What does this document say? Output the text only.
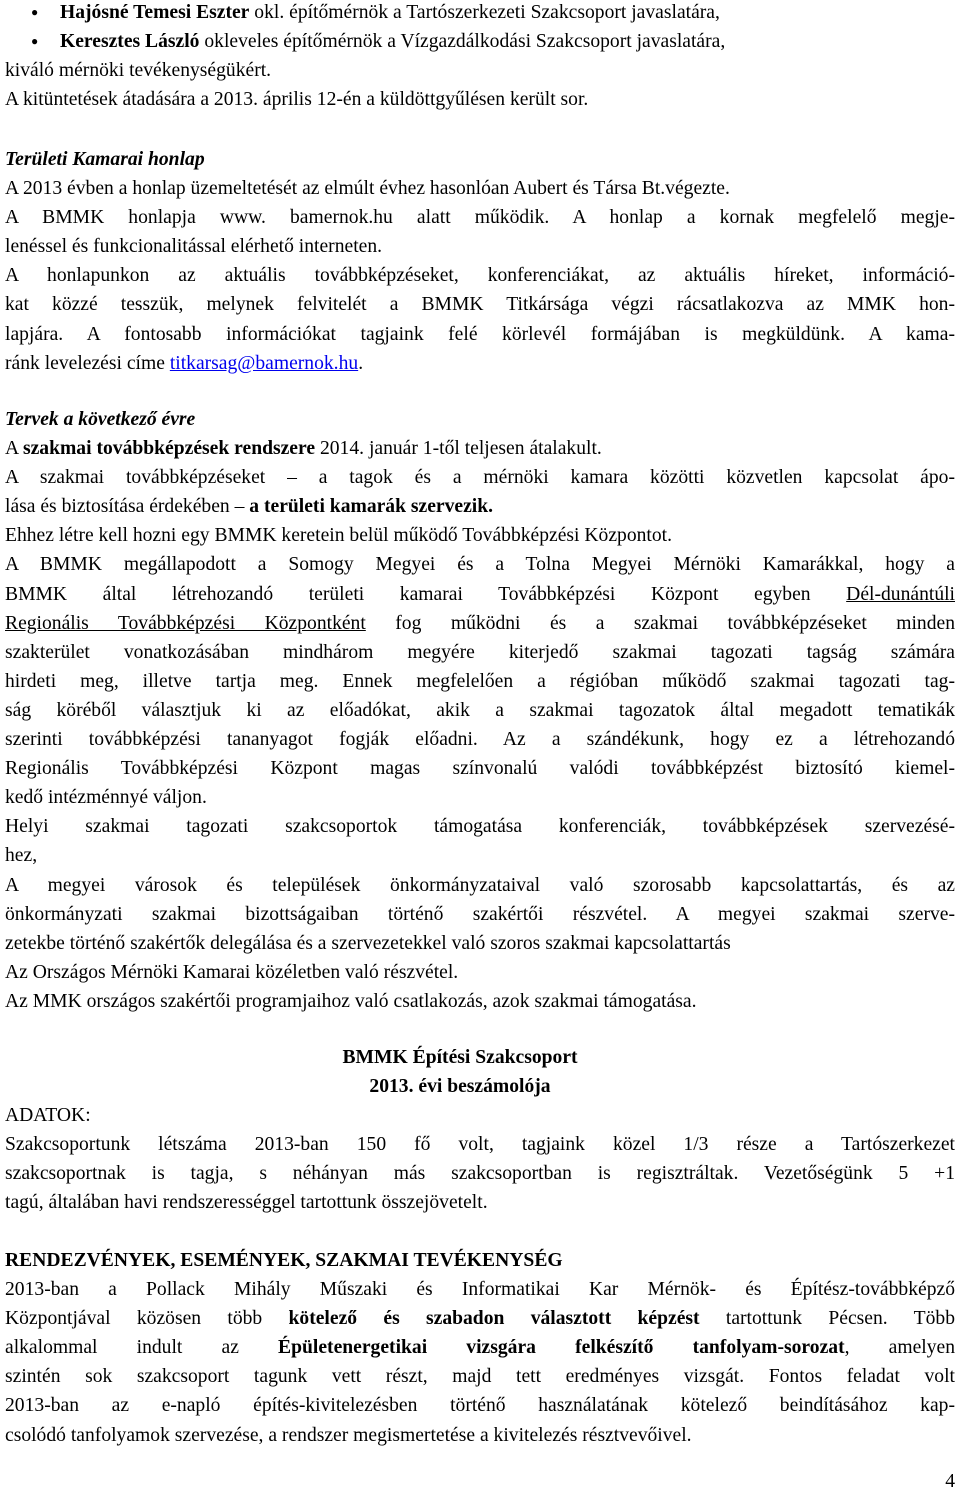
● Hajósné Temesi Eszter okl. építőmérnök a Tartószerkezeti Szakcsoport javaslatára,
● Keresztes László okleveles építőmérnök a Vízgazdálkodási Szakcsoport javaslatára,
kiváló mérnöki tevékenységükért.
A kitüntetések átadására a 2013. április 12-én a küldöttgyűlésen került sor.
Területi Kamarai honlap
A 2013 évben a honlap üzemeltetését az elmúlt évhez hasonlóan Aubert és Társa Bt.végezte.
A BMMK honlapja www. bamernok.hu alatt működik. A honlap a kornak megfelelő megje-
lenéssel és funkcionalitással elérhető interneten.
A honlapunkon az aktuális továbbképzéseket, konferenciákat, az aktuális híreket, információ-
kat közzé tesszük, melynek felvitelét a BMMK Titkársága végzi rácsatlakozva az MMK hon-
lapjára. A fontosabb információkat tagjaink felé körlevél formájában is megküldünk. A kama-
ránk levelezési címe titkarsag@bamernok.hu.
Tervek a következő évre
A szakmai továbbképzések rendszere 2014. január 1-től teljesen átalakult.
A szakmai továbbképzéseket – a tagok és a mérnöki kamara közötti közvetlen kapcsolat ápo-
lása és biztosítása érdekében – a területi kamarák szervezik.
Ehhez létre kell hozni egy BMMK keretein belül működő Továbbképzési Központot.
A BMMK megállapodott a Somogy Megyei és a Tolna Megyei Mérnöki Kamarákkal, hogy a
BMMK által létrehozandó területi kamarai Továbbképzési Központ egyben Dél-dunántúli
Regionális Továbbképzési Központként fog működni és a szakmai továbbképzéseket minden
szakterület vonatkozásában mindhárom megyére kiterjedő szakmai tagozati tagság számára
hirdeti meg, illetve tartja meg. Ennek megfelelően a régióban működő szakmai tagozati tag-
ság köréből választjuk ki az előadókat, akik a szakmai tagozatok által megadott tematikák
szerinti továbbképzési tananyagot fogják előadni. Az a szándékunk, hogy ez a létrehozandó
Regionális Továbbképzési Központ magas színvonalú valódi továbbképzést biztosító kiemel-
kedő intézménnyé váljon.
Helyi szakmai tagozati szakcsoportok támogatása konferenciák, továbbképzések szervezésé-
hez,
A megyei városok és települések önkormányzataival való szorosabb kapcsolattartás, és az
önkormányzati szakmai bizottságaiban történő szakértői részvétel. A megyei szakmai szerve-
zetekbe történő szakértők delegálása és a szervezetekkel való szoros szakmai kapcsolattartás
Az Országos Mérnöki Kamarai közéletben való részvétel.
Az MMK országos szakértői programjaihoz való csatlakozás, azok szakmai támogatása.
BMMK Építési Szakcsoport
2013. évi beszámolója
ADATOK:
Szakcsoportunk létszáma 2013-ban 150 fő volt, tagjaink közel 1/3 része a Tartószerkezet
szakcsoportnak is tagja, s néhányan más szakcsoportban is regisztráltak. Vezetőségünk 5 +1
tagú, általában havi rendszerességgel tartottunk összejövetelt.
RENDEZVÉNYEK, ESEMÉNYEK, SZAKMAI TEVÉKENYSÉG
2013-ban a Pollack Mihály Műszaki és Informatikai Kar Mérnök- és Építész-továbbképző
Központjával közösen több kötelező és szabadon választott képzést tartottunk Pécsen. Több
alkalommal indult az Épületenergetikai vizsgára felkészítő tanfolyam-sorozat, amelyen
szintén sok szakcsoport tagunk vett részt, majd tett eredményes vizsgát. Fontos feladat volt
2013-ban az e-napló építés-kivitelezésben történő használatának kötelező beindításához kap-
csolódó tanfolyamok szervezése, a rendszer megismertetése a kivitelezés résztvevőivel.
4
